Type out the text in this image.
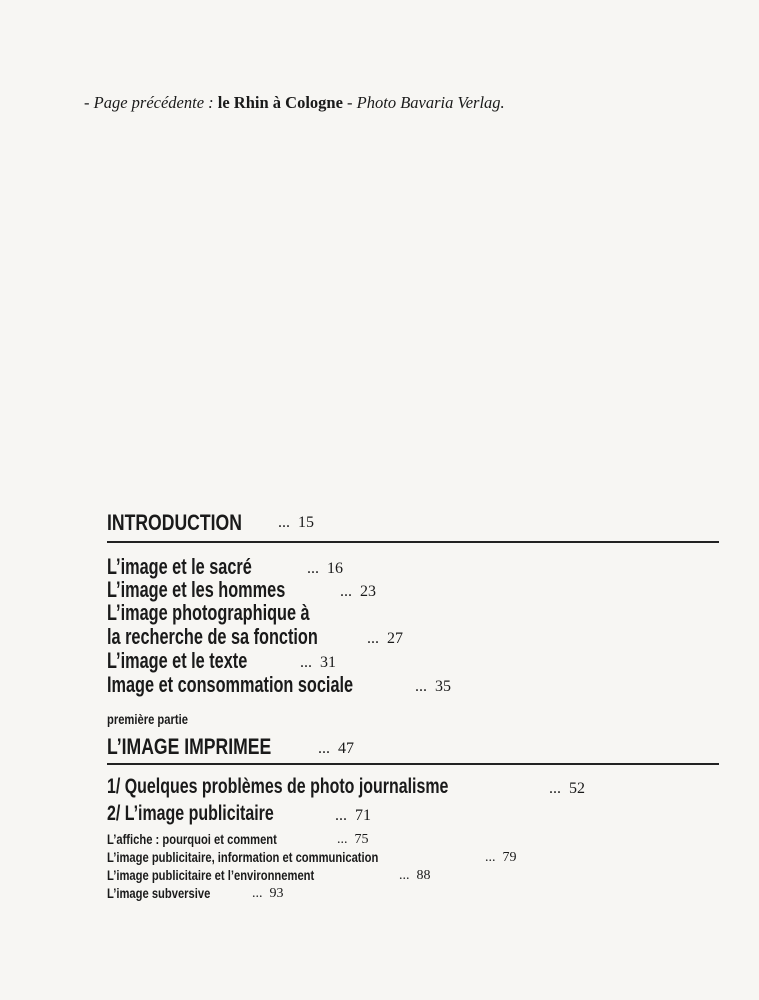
- Page précédente : le Rhin à Cologne - Photo Bavaria Verlag.
INTRODUCTION ... 15
L’image et le sacré	... 16
L’image et les hommes	... 23
L’image photographique à
la recherche de sa fonction	... 27
L’image et le texte	... 31
Image et consommation sociale	... 35
première partie
L’IMAGE IMPRIMEE	... 47
1/ Quelques problèmes de photo journalisme	... 52
2/ L’image publicitaire	... 71
L’affiche : pourquoi et comment	... 75
L’image publicitaire, information et communication	... 79
L’image publicitaire et l’environnement	... 88
L’image subversive	... 93
